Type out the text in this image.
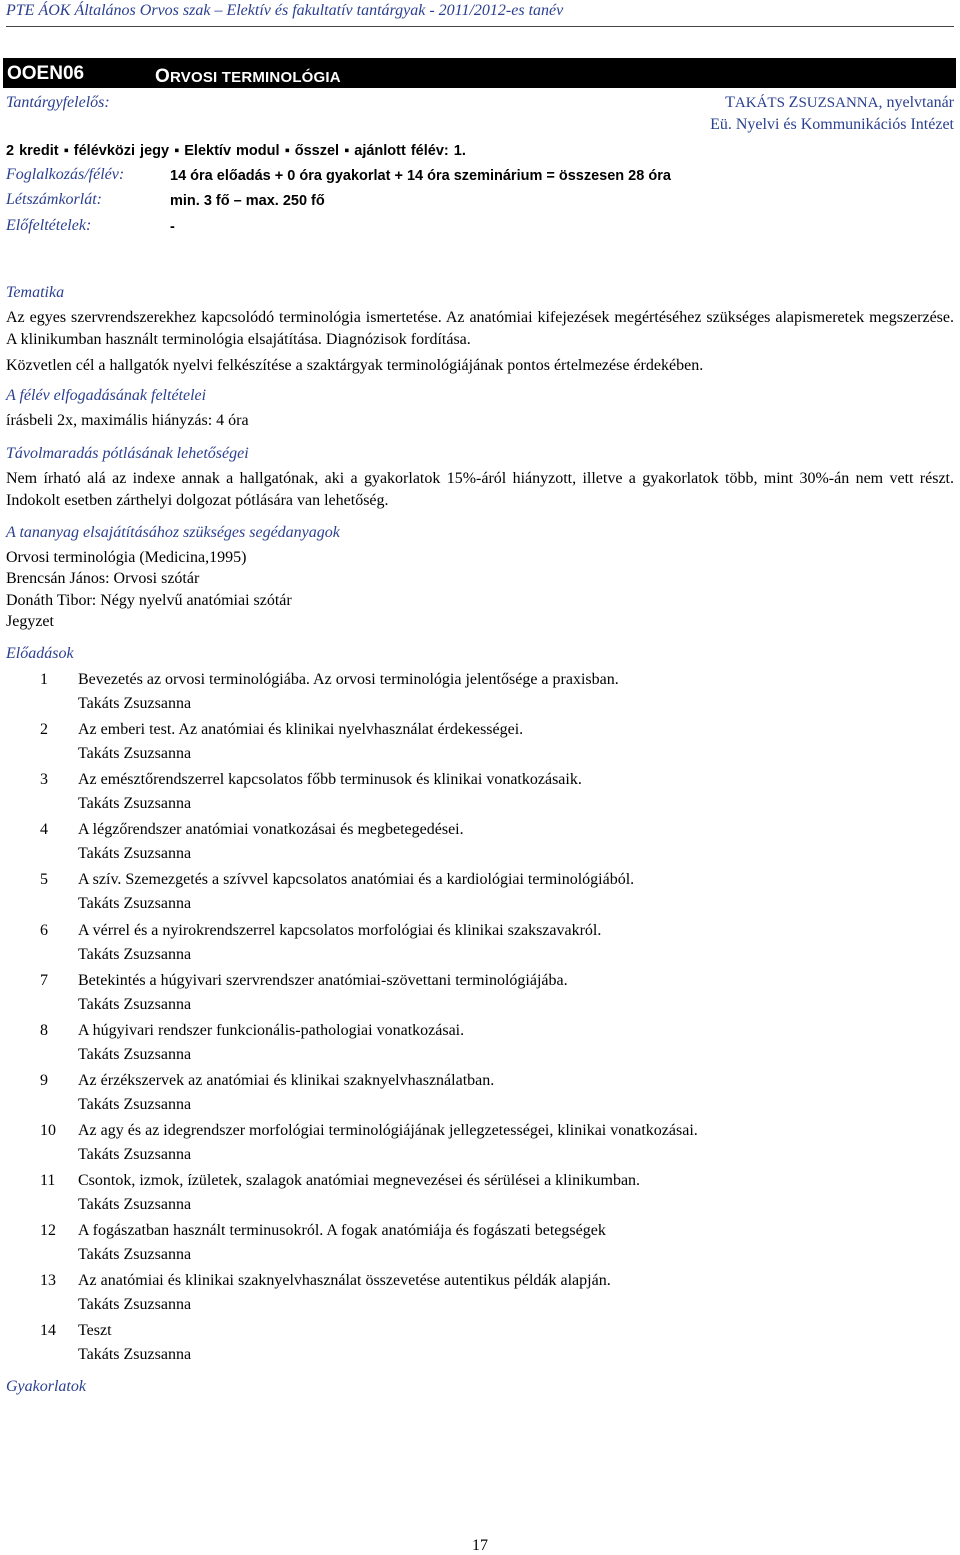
PTE ÁOK Általános Orvos szak – Elektív és fakultatív tantárgyak - 2011/2012-es tanév
OOEN06	ORVOSI TERMINOLÓGIA
Tantárgyfelelős:	TAKÁTS ZSUZSANNA, nyelvtanár
Eü. Nyelvi és Kommunikációs Intézet
2 kredit ▪ félévközi jegy ▪ Elektív modul ▪ ősszel ▪ ajánlott félév: 1.
Foglalkozás/félév:	14 óra előadás + 0 óra gyakorlat + 14 óra szeminárium = összesen 28 óra
Létszámkorlát:	min. 3 fő – max. 250 fő
Előfeltételek:	-
Tematika
Az egyes szervrendszerekhez kapcsolódó terminológia ismertetése. Az anatómiai kifejezések megértéséhez szükséges alapismeretek megszerzése. A klinikumban használt terminológia elsajátítása. Diagnózisok fordítása.
Közvetlen cél a hallgatók nyelvi felkészítése a szaktárgyak terminológiájának pontos értelmezése érdekében.
A félév elfogadásának feltételei
írásbeli 2x, maximális hiányzás: 4 óra
Távolmaradás pótlásának lehetőségei
Nem írható alá az indexe annak a hallgatónak, aki a gyakorlatok 15%-áról hiányzott, illetve a gyakorlatok több, mint 30%-án nem vett részt. Indokolt esetben zárthelyi dolgozat pótlására van lehetőség.
A tananyag elsajátításához szükséges segédanyagok
Orvosi terminológia (Medicina,1995)
Brencsán János: Orvosi szótár
Donáth Tibor: Négy nyelvű anatómiai szótár
Jegyzet
Előadások
1 Bevezetés az orvosi terminológiába. Az orvosi terminológia jelentősége a praxisban.
Takáts Zsuzsanna
2 Az emberi test. Az anatómiai és klinikai nyelvhasználat érdekességei.
Takáts Zsuzsanna
3 Az emésztőrendszerrel kapcsolatos főbb terminusok és klinikai vonatkozásaik.
Takáts Zsuzsanna
4 A légzőrendszer anatómiai vonatkozásai és megbetegedései.
Takáts Zsuzsanna
5 A szív. Szemezgetés a szívvel kapcsolatos anatómiai és a kardiológiai terminológiából.
Takáts Zsuzsanna
6 A vérrel és a nyirokrendszerrel kapcsolatos morfológiai és klinikai szakszavakról.
Takáts Zsuzsanna
7 Betekintés a húgyivari szervrendszer anatómiai-szövettani terminológiájába.
Takáts Zsuzsanna
8 A húgyivari rendszer funkcionális-pathologiai vonatkozásai.
Takáts Zsuzsanna
9 Az érzékszervek az anatómiai és klinikai szaknyelvhasználatban.
Takáts Zsuzsanna
10 Az agy és az idegrendszer morfológiai terminológiájának jellegzetességei, klinikai vonatkozásai.
Takáts Zsuzsanna
11 Csontok, izmok, ízületek, szalagok anatómiai megnevezései és sérülései a klinikumban.
Takáts Zsuzsanna
12 A fogászatban használt terminusokról. A fogak anatómiája és fogászati betegségek
Takáts Zsuzsanna
13 Az anatómiai és klinikai szaknyelvhasználat összevetése autentikus példák alapján.
Takáts Zsuzsanna
14 Teszt
Takáts Zsuzsanna
Gyakorlatok
17
